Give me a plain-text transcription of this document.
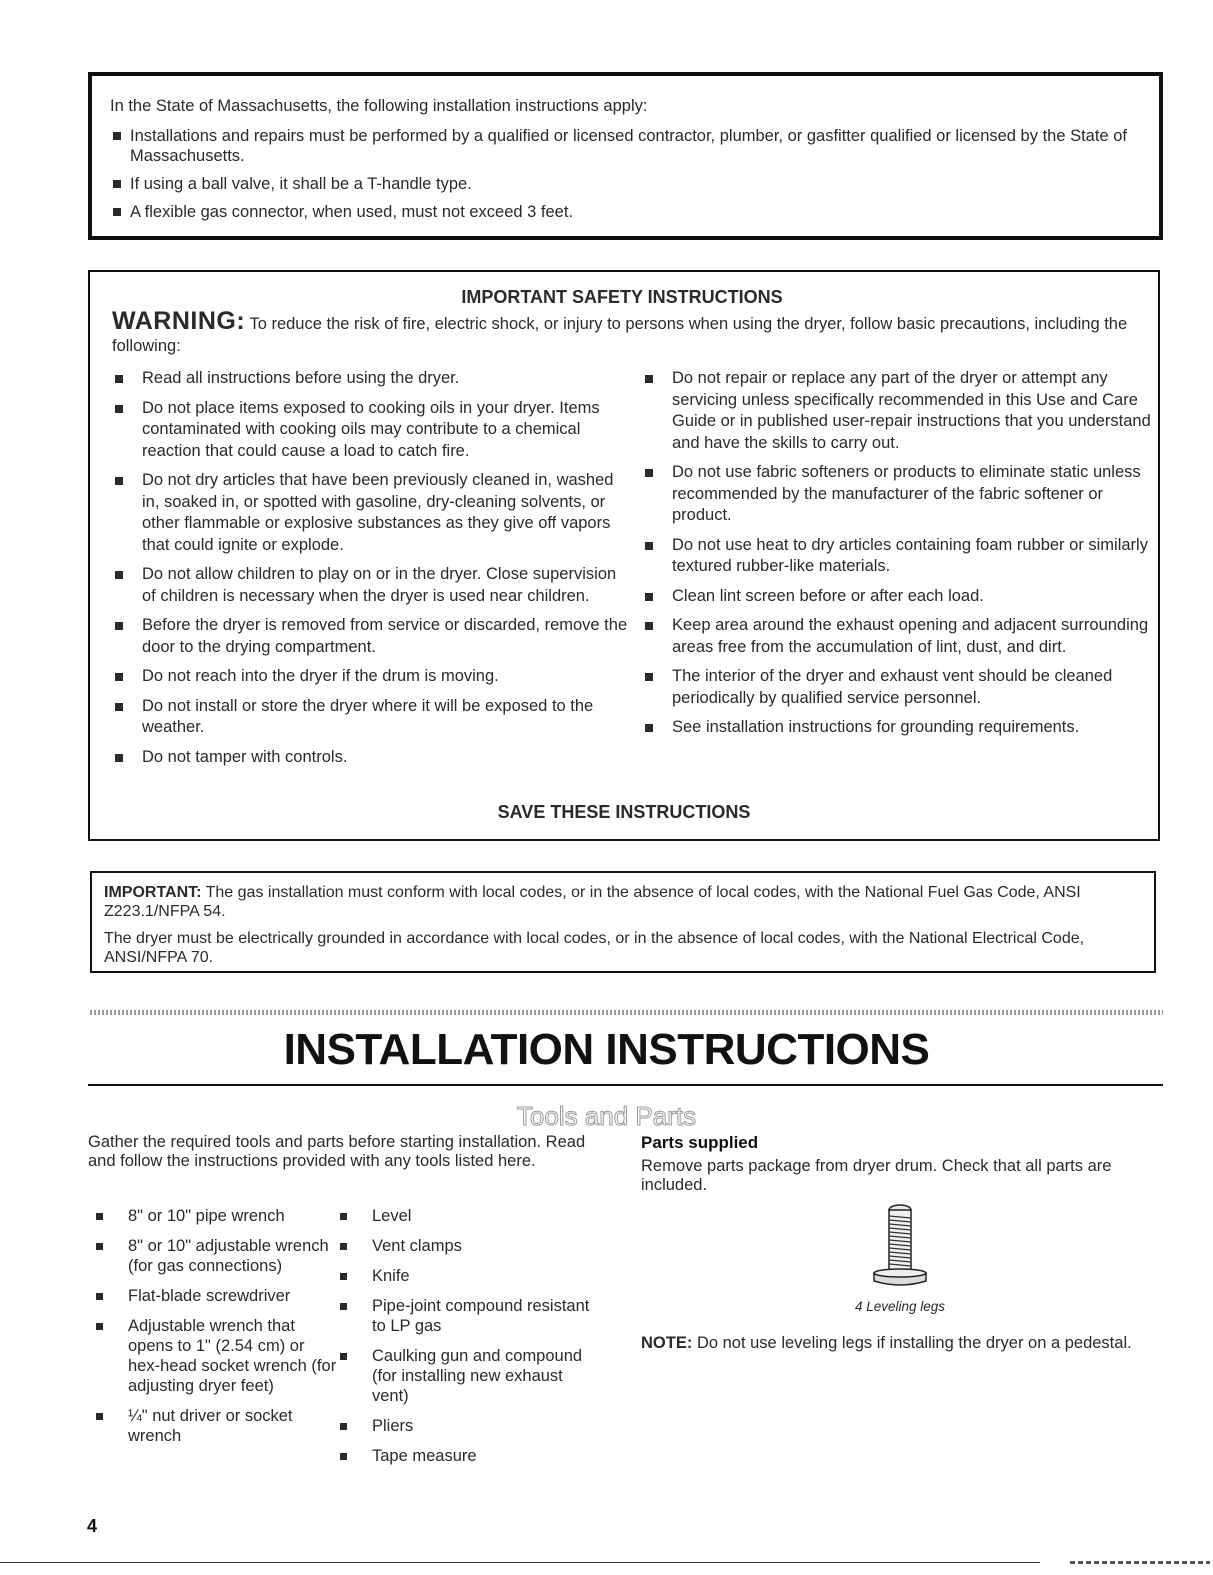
In the State of Massachusetts, the following installation instructions apply:

Installations and repairs must be performed by a qualified or licensed contractor, plumber, or gasfitter qualified or licensed by the State of Massachusetts.
If using a ball valve, it shall be a T-handle type.
A flexible gas connector, when used, must not exceed 3 feet.
IMPORTANT SAFETY INSTRUCTIONS
WARNING: To reduce the risk of fire, electric shock, or injury to persons when using the dryer, follow basic precautions, including the following:
Read all instructions before using the dryer.
Do not place items exposed to cooking oils in your dryer. Items contaminated with cooking oils may contribute to a chemical reaction that could cause a load to catch fire.
Do not dry articles that have been previously cleaned in, washed in, soaked in, or spotted with gasoline, dry-cleaning solvents, or other flammable or explosive substances as they give off vapors that could ignite or explode.
Do not allow children to play on or in the dryer. Close supervision of children is necessary when the dryer is used near children.
Before the dryer is removed from service or discarded, remove the door to the drying compartment.
Do not reach into the dryer if the drum is moving.
Do not install or store the dryer where it will be exposed to the weather.
Do not tamper with controls.
Do not repair or replace any part of the dryer or attempt any servicing unless specifically recommended in this Use and Care Guide or in published user-repair instructions that you understand and have the skills to carry out.
Do not use fabric softeners or products to eliminate static unless recommended by the manufacturer of the fabric softener or product.
Do not use heat to dry articles containing foam rubber or similarly textured rubber-like materials.
Clean lint screen before or after each load.
Keep area around the exhaust opening and adjacent surrounding areas free from the accumulation of lint, dust, and dirt.
The interior of the dryer and exhaust vent should be cleaned periodically by qualified service personnel.
See installation instructions for grounding requirements.
SAVE THESE INSTRUCTIONS

IMPORTANT: The gas installation must conform with local codes, or in the absence of local codes, with the National Fuel Gas Code, ANSI Z223.1/NFPA 54.

The dryer must be electrically grounded in accordance with local codes, or in the absence of local codes, with the National Electrical Code, ANSI/NFPA 70.

INSTALLATION INSTRUCTIONS
Tools and Parts
Gather the required tools and parts before starting installation. Read and follow the instructions provided with any tools listed here.
8" or 10" pipe wrench
8" or 10" adjustable wrench (for gas connections)
Flat-blade screwdriver
Adjustable wrench that opens to 1" (2.54 cm) or hex-head socket wrench (for adjusting dryer feet)
¼" nut driver or socket wrench
Level
Vent clamps
Knife
Pipe-joint compound resistant to LP gas
Caulking gun and compound (for installing new exhaust vent)
Pliers
Tape measure
Parts supplied
Remove parts package from dryer drum. Check that all parts are included.
4 Leveling legs
NOTE: Do not use leveling legs if installing the dryer on a pedestal.
4
